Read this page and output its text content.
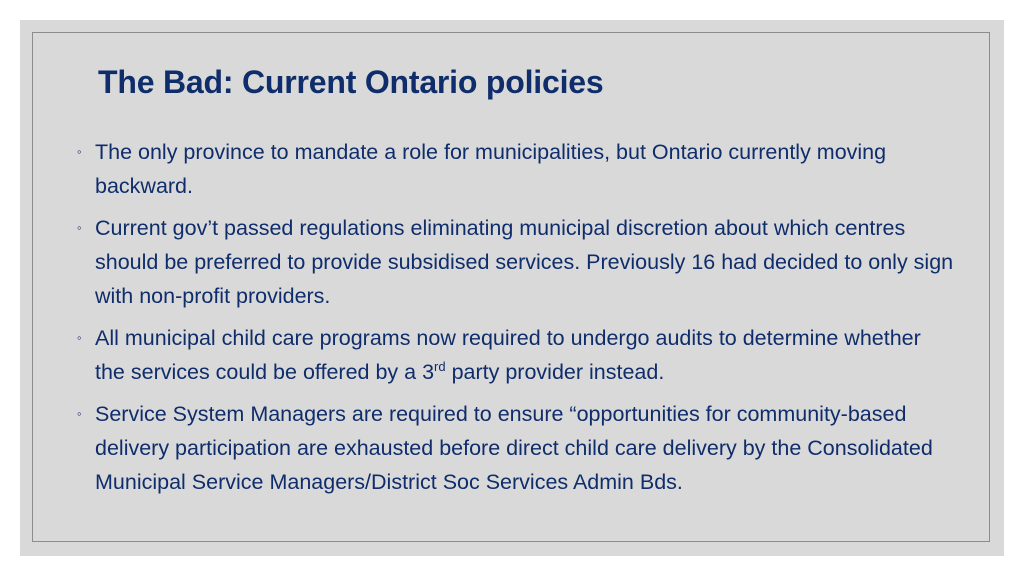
The Bad: Current Ontario policies
◦ The only province to mandate a role for municipalities, but Ontario currently moving backward.
◦ Current gov’t passed regulations eliminating municipal discretion about which centres should be preferred to provide subsidised services. Previously 16 had decided to only sign with non-profit providers.
◦ All municipal child care programs now required to undergo audits to determine whether the services could be offered by a 3rd party provider instead.
◦ Service System Managers are required to ensure “opportunities for community-based delivery participation are exhausted before direct child care delivery by the Consolidated Municipal Service Managers/District Soc Services Admin Bds.
